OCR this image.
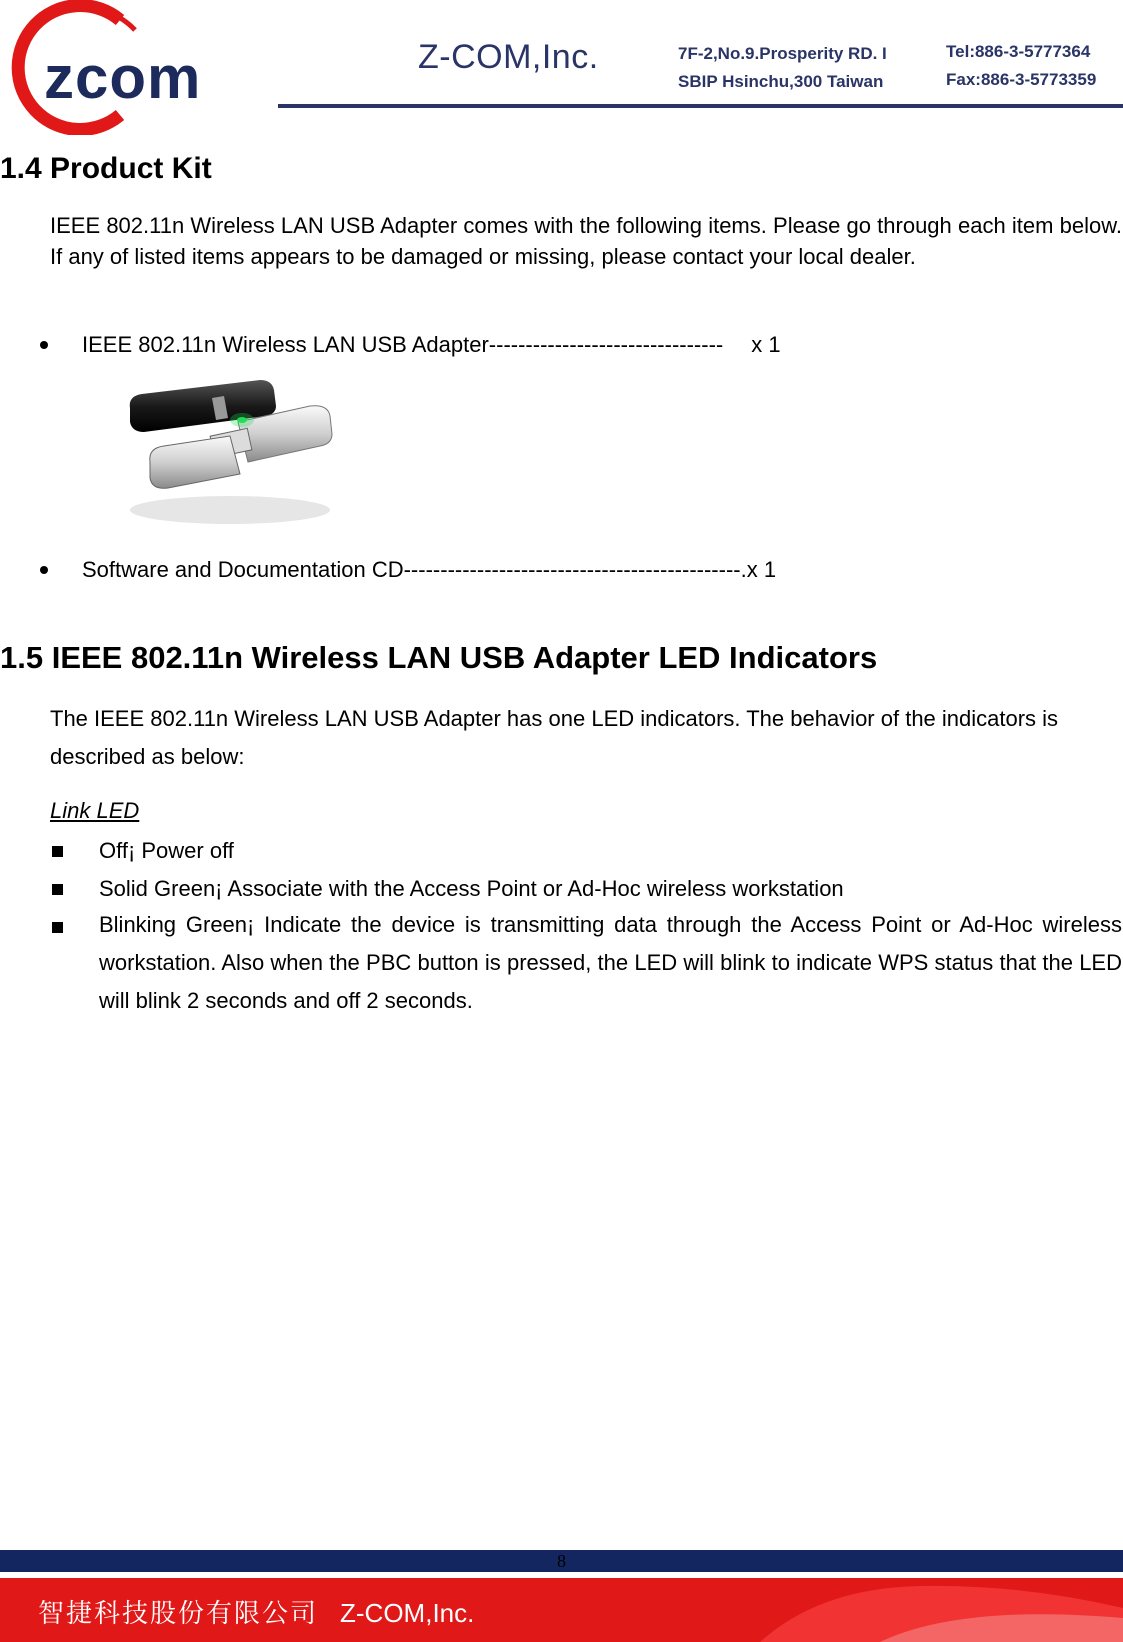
zcom	Z-COM,Inc.	7F-2,No.9.Prosperity RD. I
SBIP Hsinchu,300 Taiwan
Tel:886-3-5777364
Fax:886-3-5773359
1.4 Product Kit

IEEE 802.11n Wireless LAN USB Adapter comes with the following items. Please go through each item below. If any of listed items appears to be damaged or missing, please contact your local dealer.

IEEE 802.11n Wireless LAN USB Adapter-------------------------------- x 1
Software and Documentation CD----------------------------------------------.x 1
1.5 IEEE 802.11n Wireless LAN USB Adapter LED Indicators

The IEEE 802.11n Wireless LAN USB Adapter has one LED indicators. The behavior of the indicators is described as below:

Link LED
Off¡ Power off
Solid Green¡ Associate with the Access Point or Ad-Hoc wireless workstation
Blinking Green¡ Indicate the device is transmitting data through the Access Point or Ad-Hoc wireless workstation. Also when the PBC button is pressed, the LED will blink to indicate WPS status that the LED will blink 2 seconds and off 2 seconds.
8
智捷科技股份有限公司 Z-COM,Inc.
